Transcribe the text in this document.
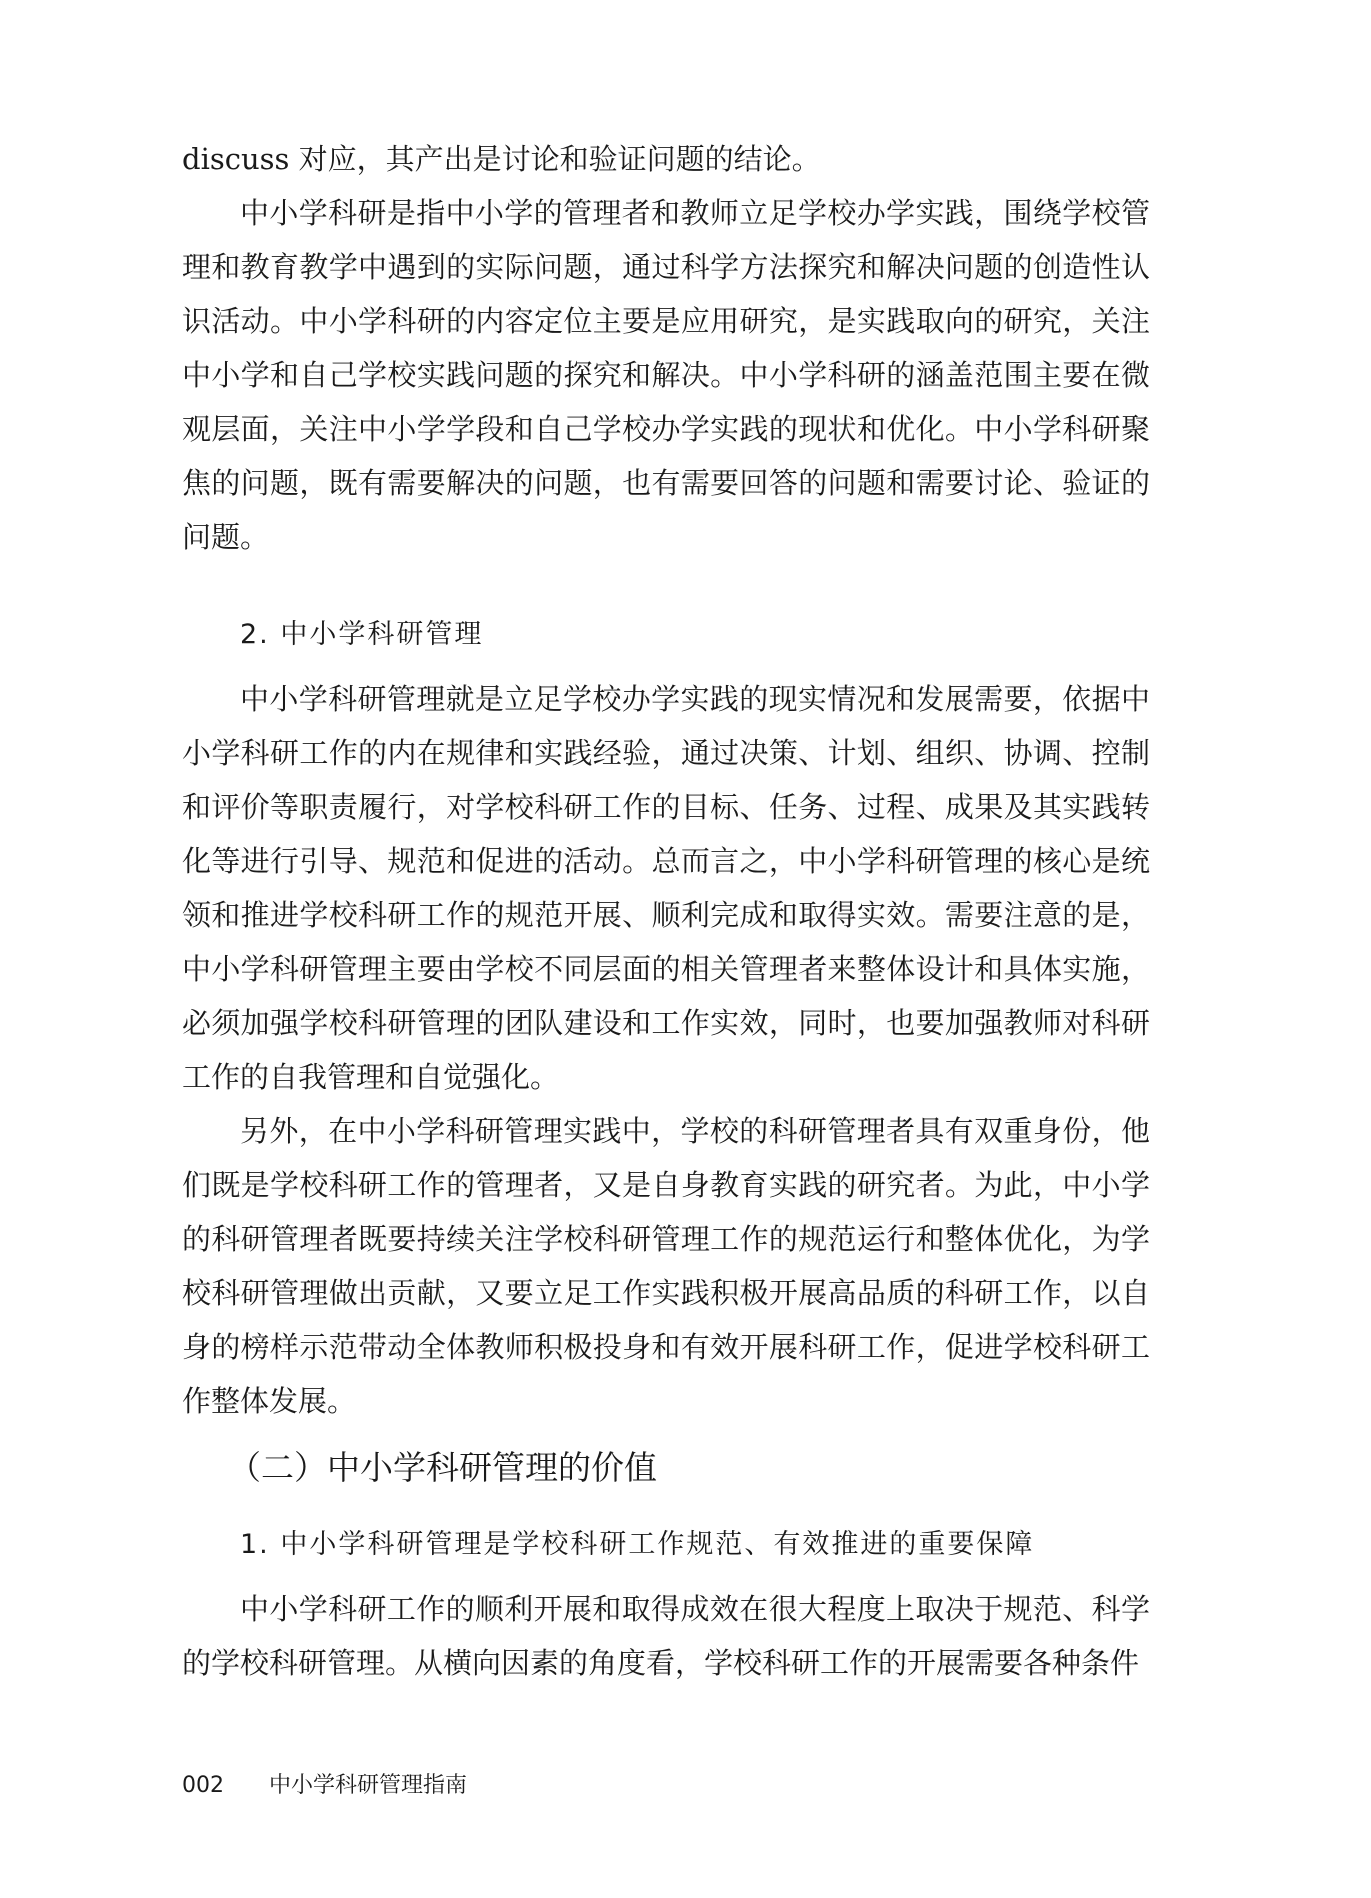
discuss 对应，其产出是讨论和验证问题的结论。

中小学科研是指中小学的管理者和教师立足学校办学实践，围绕学校管理和教育教学中遇到的实际问题，通过科学方法探究和解决问题的创造性认识活动。中小学科研的内容定位主要是应用研究，是实践取向的研究，关注中小学和自己学校实践问题的探究和解决。中小学科研的涵盖范围主要在微观层面，关注中小学学段和自己学校办学实践的现状和优化。中小学科研聚焦的问题，既有需要解决的问题，也有需要回答的问题和需要讨论、验证的问题。

2. 中小学科研管理

中小学科研管理就是立足学校办学实践的现实情况和发展需要，依据中小学科研工作的内在规律和实践经验，通过决策、计划、组织、协调、控制和评价等职责履行，对学校科研工作的目标、任务、过程、成果及其实践转化等进行引导、规范和促进的活动。总而言之，中小学科研管理的核心是统领和推进学校科研工作的规范开展、顺利完成和取得实效。需要注意的是，中小学科研管理主要由学校不同层面的相关管理者来整体设计和具体实施，必须加强学校科研管理的团队建设和工作实效，同时，也要加强教师对科研工作的自我管理和自觉强化。

另外，在中小学科研管理实践中，学校的科研管理者具有双重身份，他们既是学校科研工作的管理者，又是自身教育实践的研究者。为此，中小学的科研管理者既要持续关注学校科研管理工作的规范运行和整体优化，为学校科研管理做出贡献，又要立足工作实践积极开展高品质的科研工作，以自身的榜样示范带动全体教师积极投身和有效开展科研工作，促进学校科研工作整体发展。

（二）中小学科研管理的价值

1. 中小学科研管理是学校科研工作规范、有效推进的重要保障

中小学科研工作的顺利开展和取得成效在很大程度上取决于规范、科学的学校科研管理。从横向因素的角度看，学校科研工作的开展需要各种条件

002 中小学科研管理指南
